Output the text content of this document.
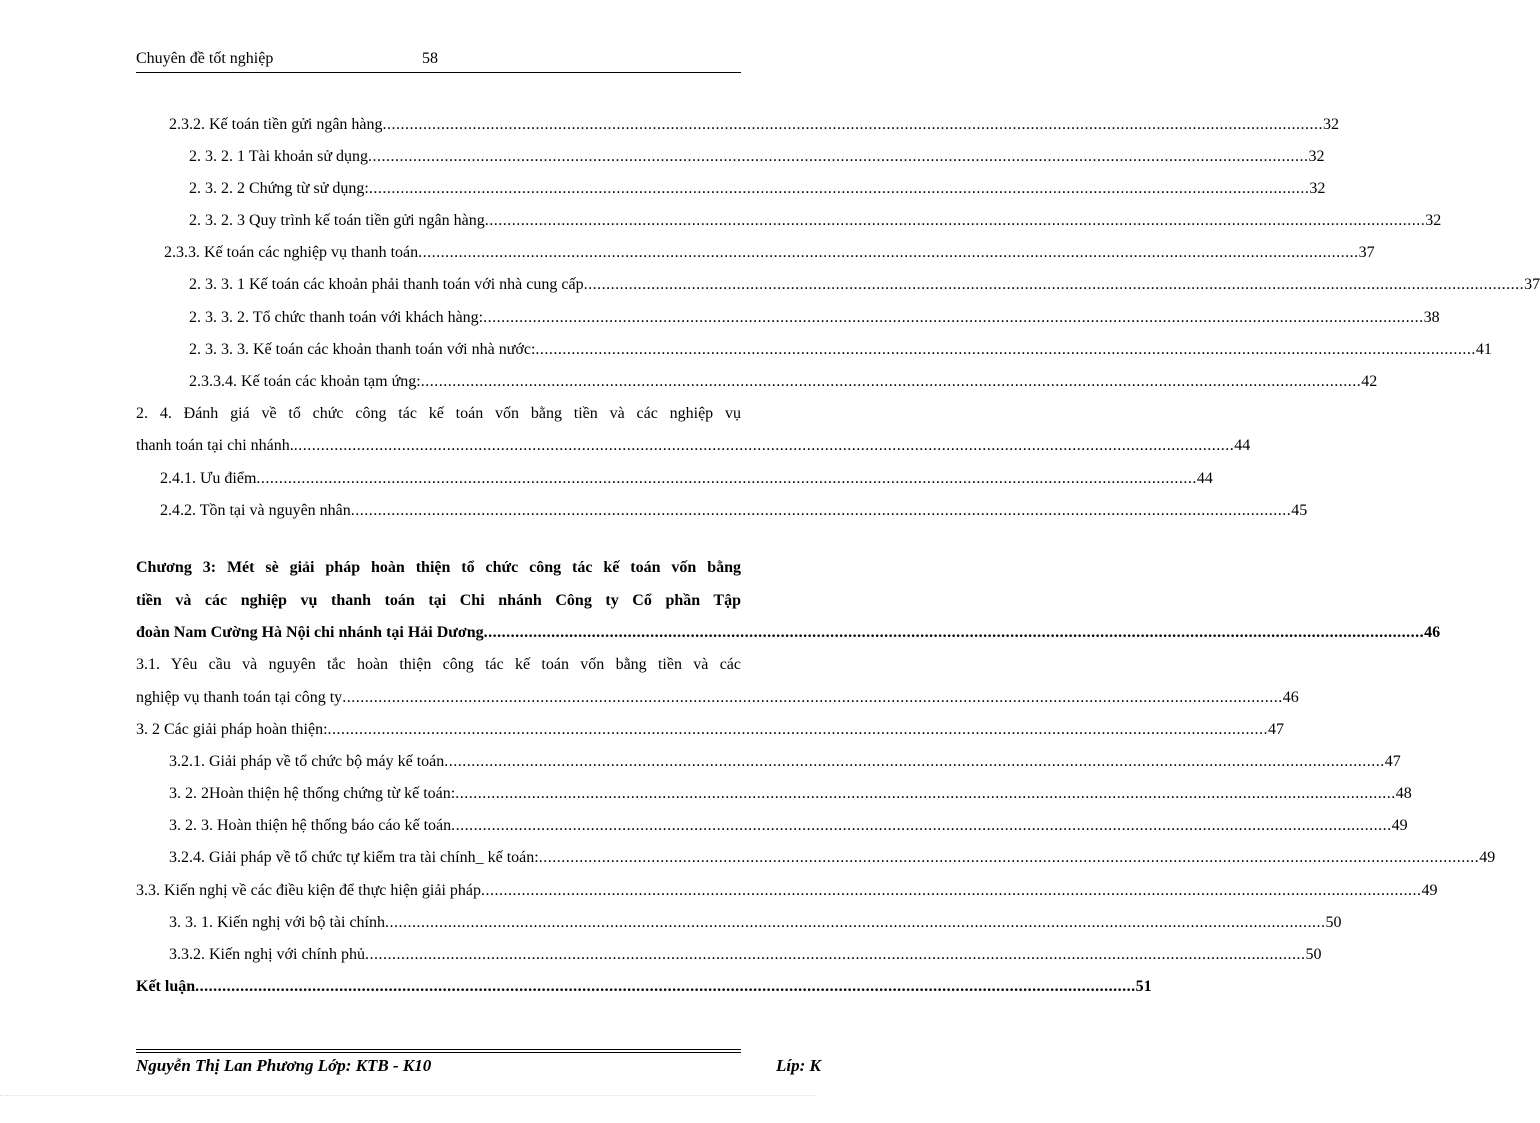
Chuyên đề tốt nghiệp	58
2.3.2. Kế toán tiền gửi ngân hàng .....	32
2. 3. 2. 1 Tài khoản sử dụng .....	32
2. 3. 2. 2 Chứng từ sử dụng: .....	32
2. 3. 2. 3 Quy trình kế toán tiền gửi ngân hàng .....	32
2.3.3. Kế toán các nghiệp vụ thanh toán .....	37
2. 3. 3. 1 Kế toán các khoản phải thanh toán với nhà cung cấp .....	37
2. 3. 3. 2. Tổ chức thanh toán với khách hàng: .....	38
2. 3. 3. 3. Kế toán các khoản thanh toán với nhà nước: .....	41
2.3.3.4. Kế toán các khoản tạm ứng: .....	42
2. 4. Đánh giá về tổ chức công tác kế toán vốn bằng tiền và các nghiệp vụ
thanh toán tại chi nhánh. .....	44
2.4.1. Ưu điểm .....	44
2.4.2. Tồn tại và nguyên nhân .....	45
Chương 3: Mét sè giải pháp hoàn thiện tổ chức công tác kế toán vốn bằng
tiền và các nghiệp vụ thanh toán tại Chi nhánh Công ty Cổ phần Tập
đoàn Nam Cường Hà Nội chi nhánh tại Hải Dương .....	46
3.1. Yêu cầu và nguyên tắc hoàn thiện công tác kế toán vốn bằng tiền và các
nghiệp vụ thanh toán tại công ty .....	46
3. 2 Các giải pháp hoàn thiện: .....	47
3.2.1. Giải pháp về tổ chức bộ máy kế toán .....	47
3. 2. 2Hoàn thiện hệ thống chứng từ kế toán: .....	48
3. 2. 3. Hoàn thiện hệ thống báo cáo kế toán .....	49
3.2.4. Giải pháp về tổ chức tự kiểm tra tài chính_ kế toán: .....	49
3.3. Kiến nghị về các điều kiện để thực hiện giải pháp .....	49
3. 3. 1. Kiến nghị với bộ tài chính .....	50
3.3.2. Kiến nghị với chính phủ .....	50
Kết luận .....	51
Nguyễn Thị Lan Phương Lớp: KTB - K10	Líp: K
